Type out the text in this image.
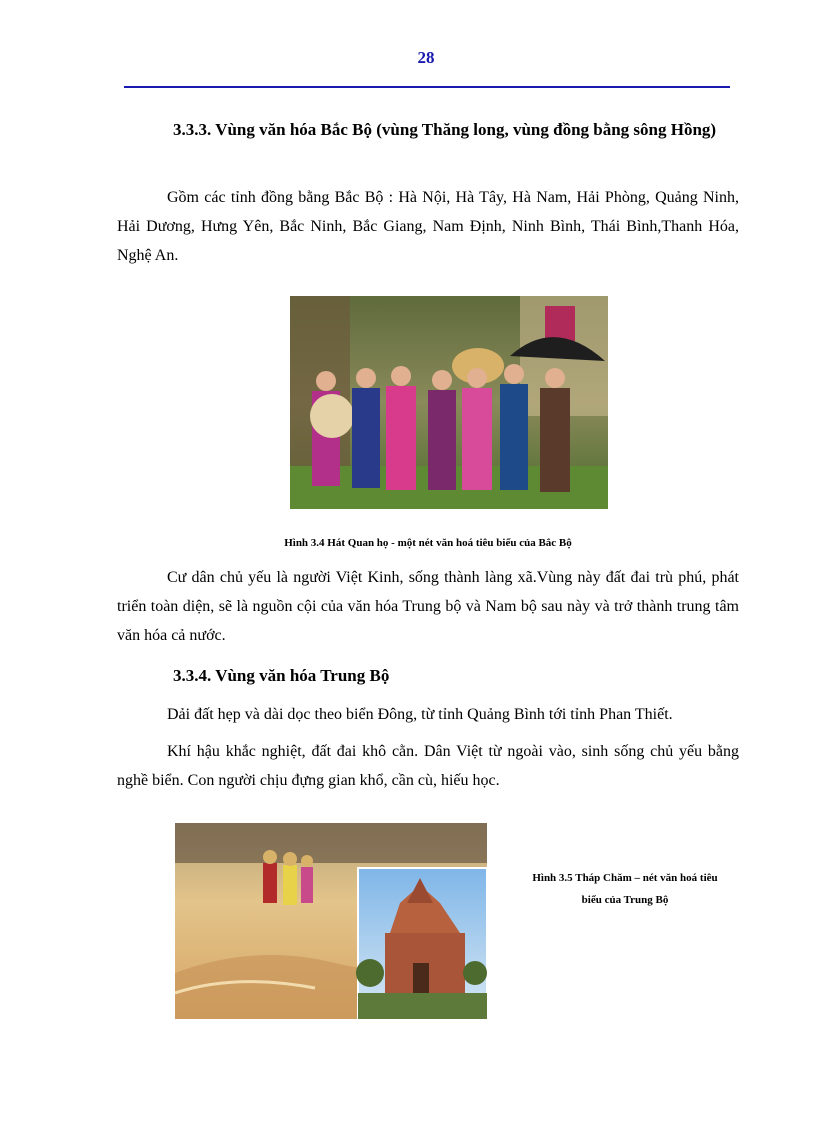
28
3.3.3. Vùng văn hóa Bắc Bộ (vùng Thăng long, vùng đồng bằng sông Hồng)
Gồm các tỉnh đồng bằng Bắc Bộ : Hà Nội, Hà Tây, Hà Nam, Hải Phòng, Quảng Ninh, Hải Dương, Hưng Yên, Bắc Ninh, Bắc Giang, Nam Định, Ninh Bình, Thái Bình,Thanh Hóa, Nghệ An.
Hình 3.4 Hát Quan họ - một nét văn hoá tiêu biểu của Bắc Bộ
Cư dân chủ yếu là người Việt Kinh, sống thành làng xã.Vùng này đất đai trù phú, phát triển toàn diện, sẽ là nguồn cội của văn hóa Trung bộ và Nam bộ sau này và trở thành trung tâm văn hóa cả nước.
3.3.4. Vùng văn hóa Trung Bộ
Dải đất hẹp và dài dọc theo biển Đông, từ tỉnh Quảng Bình tới tỉnh Phan Thiết.
Khí hậu khắc nghiệt, đất đai khô cằn. Dân Việt từ ngoài vào, sinh sống chủ yếu bằng nghề biển. Con người chịu đựng gian khổ, cần cù, hiếu học.
Hình 3.5 Tháp Chăm – nét văn hoá tiêu biểu của Trung Bộ
